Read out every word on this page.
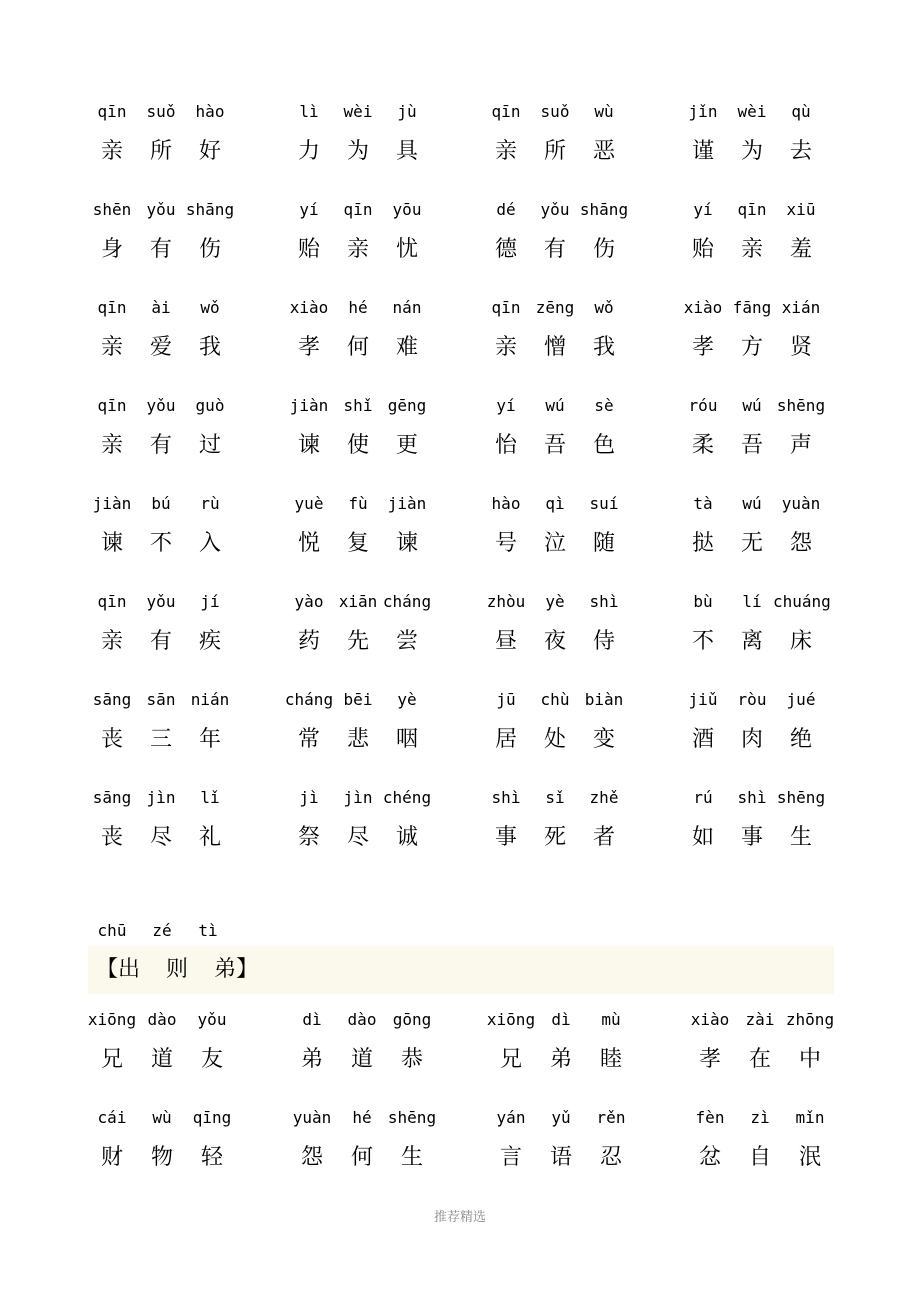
chū	zé	tì
【出 则 弟】
qīn
亲
suǒ
所
hào
好
lì
力
wèi
为
jù
具
qīn
亲
suǒ
所
wù
恶
jǐn
谨
wèi
为
qù
去
shēn
身
yǒu
有
shāng
伤
yí
贻
qīn
亲
yōu
忧
dé
德
yǒu
有
shāng
伤
yí
贻
qīn
亲
xiū
羞
qīn
亲
ài
爱
wǒ
我
xiào
孝
hé
何
nán
难
qīn
亲
zēng
憎
wǒ
我
xiào
孝
fāng
方
xián
贤
qīn
亲
yǒu
有
guò
过
jiàn
谏
shǐ
使
gēng
更
yí
怡
wú
吾
sè
色
róu
柔
wú
吾
shēng
声
jiàn
谏
bú
不
rù
入
yuè
悦
fù
复
jiàn
谏
hào
号
qì
泣
suí
随
tà
挞
wú
无
yuàn
怨
qīn
亲
yǒu
有
jí
疾
yào
药
xiān
先
cháng
尝
zhòu
昼
yè
夜
shì
侍
bù
不
lí
离
chuáng
床
sāng
丧
sān
三
nián
年
cháng
常
bēi
悲
yè
咽
jū
居
chù
处
biàn
变
jiǔ
酒
ròu
肉
jué
绝
sāng
丧
jìn
尽
lǐ
礼
jì
祭
jìn
尽
chéng
诚
shì
事
sǐ
死
zhě
者
rú
如
shì
事
shēng
生
xiōng
兄
dào
道
yǒu
友
dì
弟
dào
道
gōng
恭
xiōng
兄
dì
弟
mù
睦
xiào
孝
zài
在
zhōng
中
cái
财
wù
物
qīng
轻
yuàn
怨
hé
何
shēng
生
yán
言
yǔ
语
rěn
忍
fèn
忿
zì
自
mǐn
泯
推荐精选
